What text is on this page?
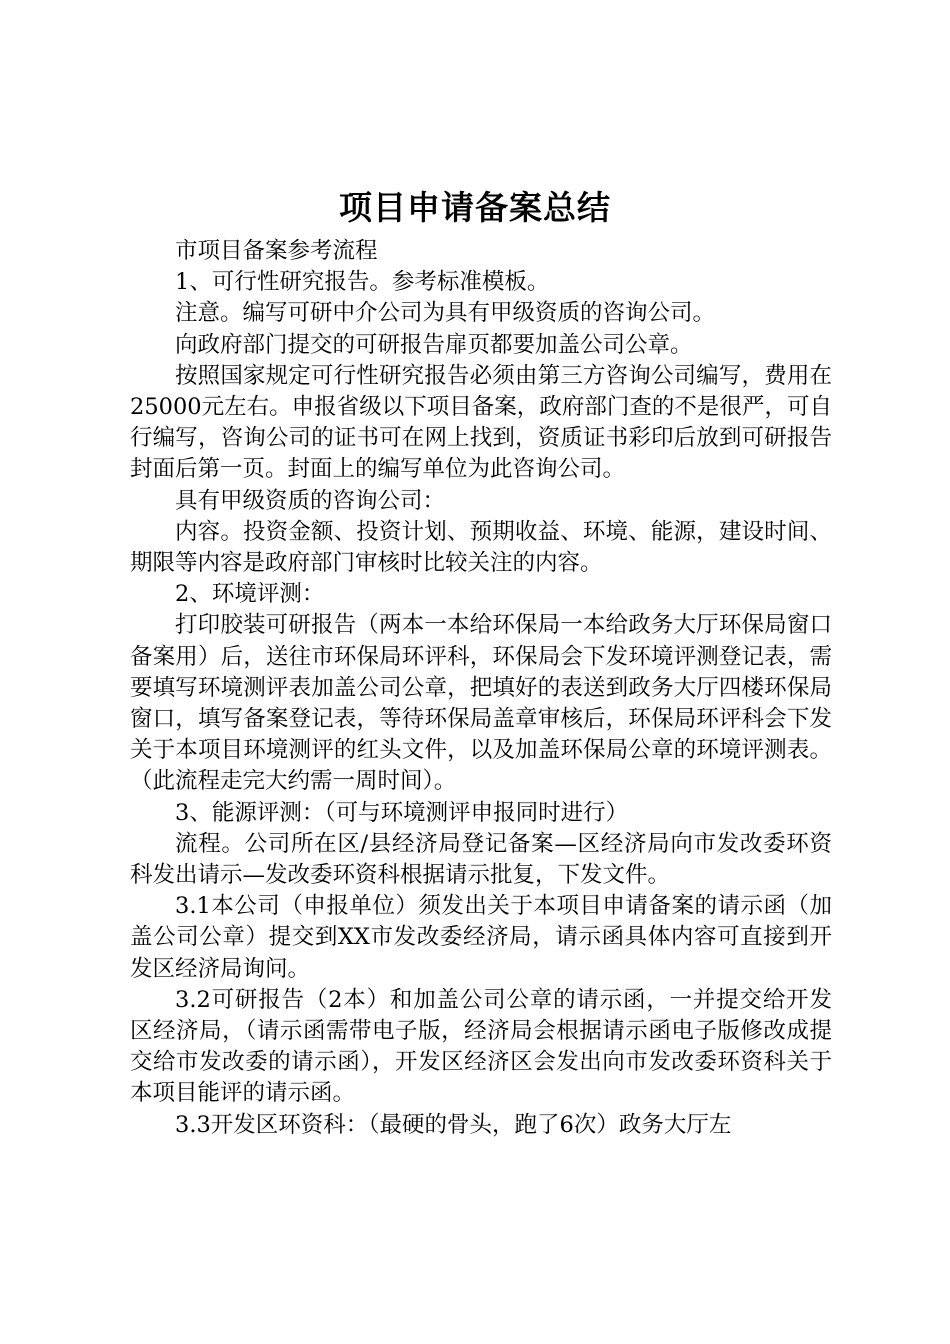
项目申请备案总结

市项目备案参考流程

1、可行性研究报告。参考标准模板。

注意。编写可研中介公司为具有甲级资质的咨询公司。

向政府部门提交的可研报告扉页都要加盖公司公章。

按照国家规定可行性研究报告必须由第三方咨询公司编写，费用在25000元左右。申报省级以下项目备案，政府部门查的不是很严，可自行编写，咨询公司的证书可在网上找到，资质证书彩印后放到可研报告封面后第一页。封面上的编写单位为此咨询公司。

具有甲级资质的咨询公司：

内容。投资金额、投资计划、预期收益、环境、能源，建设时间、期限等内容是政府部门审核时比较关注的内容。

2、环境评测：

打印胶装可研报告（两本一本给环保局一本给政务大厅环保局窗口备案用）后，送往市环保局环评科，环保局会下发环境评测登记表，需要填写环境测评表加盖公司公章，把填好的表送到政务大厅四楼环保局窗口，填写备案登记表，等待环保局盖章审核后，环保局环评科会下发关于本项目环境测评的红头文件，以及加盖环保局公章的环境评测表。（此流程走完大约需一周时间）。

3、能源评测：（可与环境测评申报同时进行）

流程。公司所在区/县经济局登记备案—区经济局向市发改委环资科发出请示—发改委环资科根据请示批复，下发文件。

3.1本公司（申报单位）须发出关于本项目申请备案的请示函（加盖公司公章）提交到XX市发改委经济局，请示函具体内容可直接到开发区经济局询问。

3.2可研报告（2本）和加盖公司公章的请示函，一并提交给开发区经济局，（请示函需带电子版，经济局会根据请示函电子版修改成提交给市发改委的请示函），开发区经济区会发出向市发改委环资科关于本项目能评的请示函。

3.3开发区环资科：（最硬的骨头，跑了6次）政务大厅左
